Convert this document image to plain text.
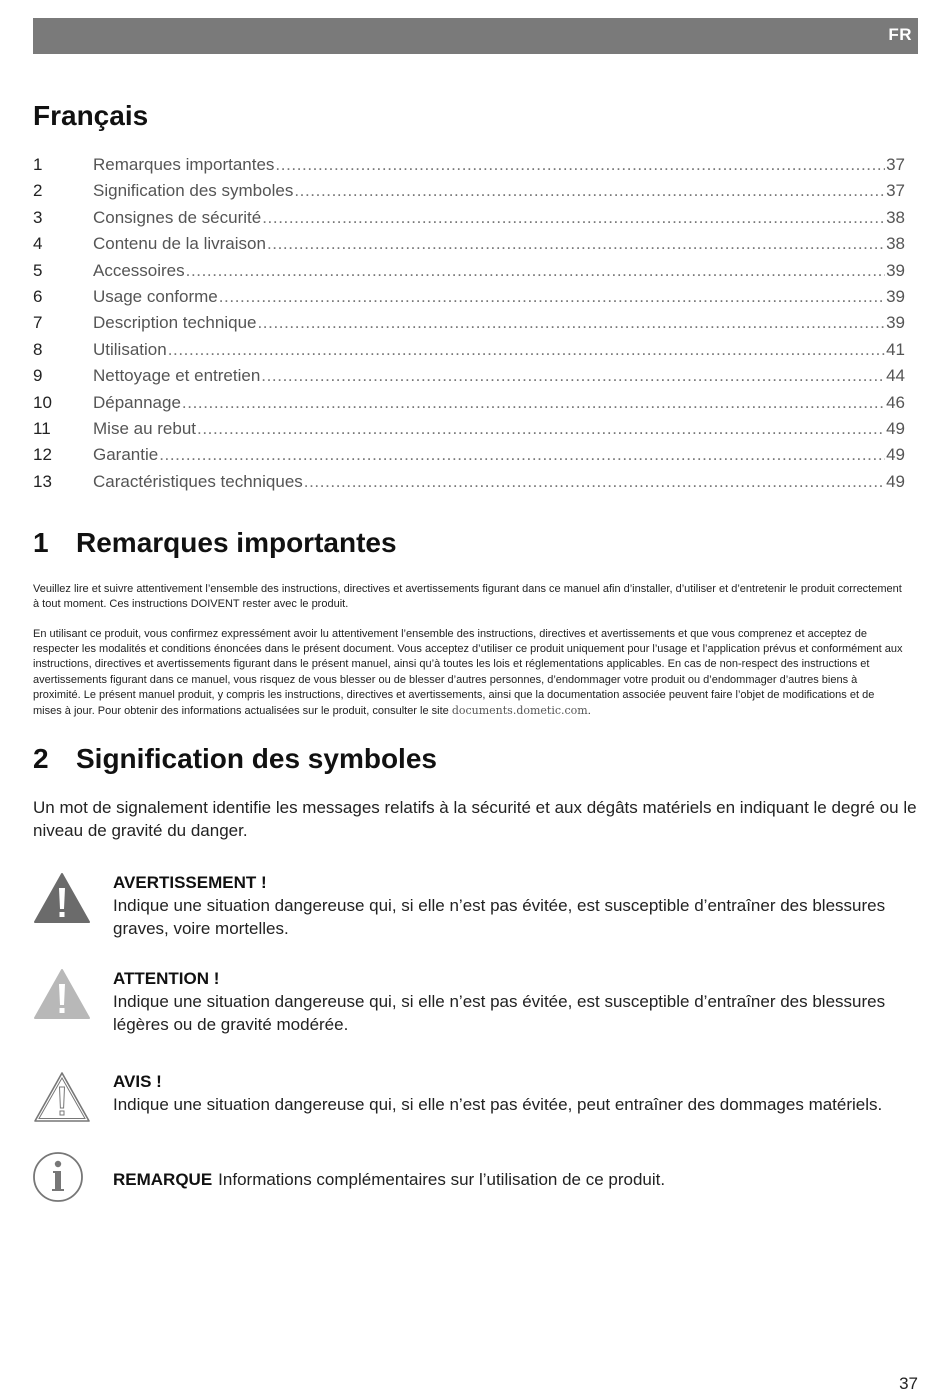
FR
Français
1	Remarques importantes .....	37
2	Signification des symboles .....	37
3	Consignes de sécurité .....	38
4	Contenu de la livraison .....	38
5	Accessoires .....	39
6	Usage conforme .....	39
7	Description technique .....	39
8	Utilisation .....	41
9	Nettoyage et entretien .....	44
10	Dépannage .....	46
11	Mise au rebut .....	49
12	Garantie .....	49
13	Caractéristiques techniques .....	49
1 Remarques importantes

Veuillez lire et suivre attentivement l’ensemble des instructions, directives et avertissements figurant dans ce manuel afin d’installer, d’utiliser et d’entretenir le produit correctement à tout moment. Ces instructions DOIVENT rester avec le produit.

En utilisant ce produit, vous confirmez expressément avoir lu attentivement l’ensemble des instructions, directives et avertissements et que vous comprenez et acceptez de respecter les modalités et conditions énoncées dans le présent document. Vous acceptez d’utiliser ce produit uniquement pour l’usage et l’application prévus et conformément aux instructions, directives et avertissements figurant dans le présent manuel, ainsi qu’à toutes les lois et réglementations applicables. En cas de non-respect des instructions et avertissements figurant dans ce manuel, vous risquez de vous blesser ou de blesser d’autres personnes, d’endommager votre produit ou d’endommager d’autres biens à proximité. Le présent manuel produit, y compris les instructions, directives et avertissements, ainsi que la documentation associée peuvent faire l’objet de modifications et de mises à jour. Pour obtenir des informations actualisées sur le produit, consulter le site documents.dometic.com.

2 Signification des symboles

Un mot de signalement identifie les messages relatifs à la sécurité et aux dégâts matériels en indiquant le degré ou le niveau de gravité du danger.

AVERTISSEMENT !
Indique une situation dangereuse qui, si elle n’est pas évitée, est susceptible d’entraîner des blessures graves, voire mortelles.
ATTENTION !
Indique une situation dangereuse qui, si elle n’est pas évitée, est susceptible d’entraîner des blessures légères ou de gravité modérée.
AVIS !
Indique une situation dangereuse qui, si elle n’est pas évitée, peut entraîner des dommages matériels.
REMARQUE Informations complémentaires sur l’utilisation de ce produit.
37
